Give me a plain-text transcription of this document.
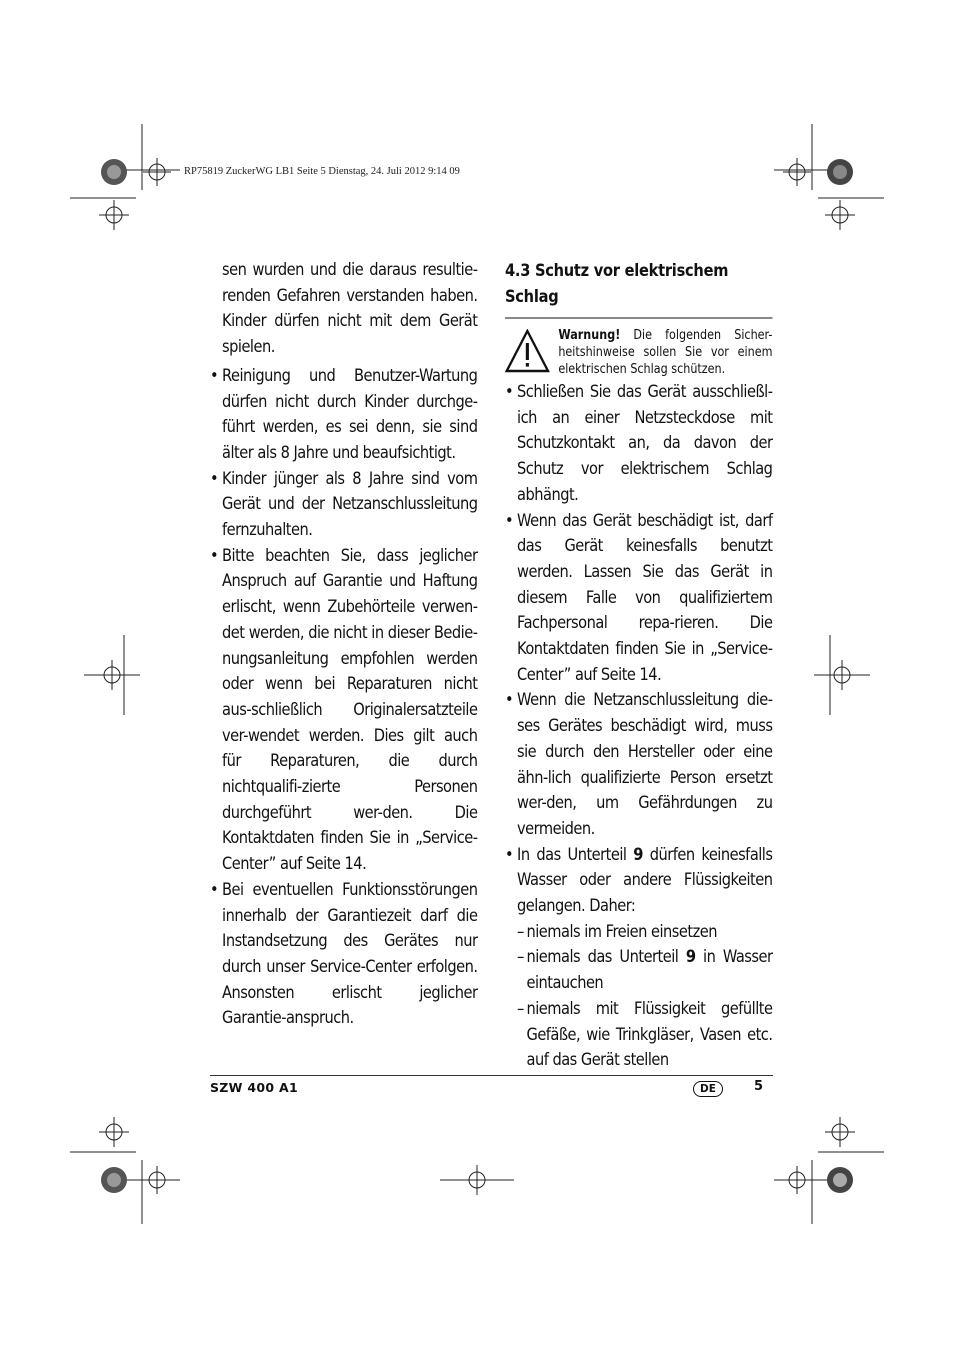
RP75819 ZuckerWG LB1 Seite 5 Dienstag, 24. Juli 2012 9:14 09

sen wurden und die daraus resultie-renden Gefahren verstanden haben. Kinder dürfen nicht mit dem Gerät spielen.

• Reinigung und Benutzer-Wartung dürfen nicht durch Kinder durchge-führt werden, es sei denn, sie sind älter als 8 Jahre und beaufsichtigt.

• Kinder jünger als 8 Jahre sind vom Gerät und der Netzanschlussleitung fernzuhalten.

• Bitte beachten Sie, dass jeglicher Anspruch auf Garantie und Haftung erlischt, wenn Zubehörteile verwen-det werden, die nicht in dieser Bedie-nungsanleitung empfohlen werden oder wenn bei Reparaturen nicht aus-schließlich Originalersatzteile ver-wendet werden. Dies gilt auch für Reparaturen, die durch nichtqualifi-zierte Personen durchgeführt wer-den. Die Kontaktdaten finden Sie in „Service-Center” auf Seite 14.

• Bei eventuellen Funktionsstörungen innerhalb der Garantiezeit darf die Instandsetzung des Gerätes nur durch unser Service-Center erfolgen. Ansonsten erlischt jeglicher Garantie-anspruch.

4.3 Schutz vor elektrischem Schlag
Warnung! Die folgenden Sicher-heitshinweise sollen Sie vor einem elektrischen Schlag schützen.

• Schließen Sie das Gerät ausschließl-ich an einer Netzsteckdose mit Schutzkontakt an, da davon der Schutz vor elektrischem Schlag abhängt.

• Wenn das Gerät beschädigt ist, darf das Gerät keinesfalls benutzt werden. Lassen Sie das Gerät in diesem Falle von qualifiziertem Fachpersonal repa-rieren. Die Kontaktdaten finden Sie in „Service-Center” auf Seite 14.

• Wenn die Netzanschlussleitung die-ses Gerätes beschädigt wird, muss sie durch den Hersteller oder eine ähn-lich qualifizierte Person ersetzt wer-den, um Gefährdungen zu vermeiden.

• In das Unterteil 9 dürfen keinesfalls Wasser oder andere Flüssigkeiten gelangen. Daher:

– niemals im Freien einsetzen

– niemals das Unterteil 9 in Wasser eintauchen

– niemals mit Flüssigkeit gefüllte Gefäße, wie Trinkgläser, Vasen etc. auf das Gerät stellen

SZW 400 A1	DE	5
